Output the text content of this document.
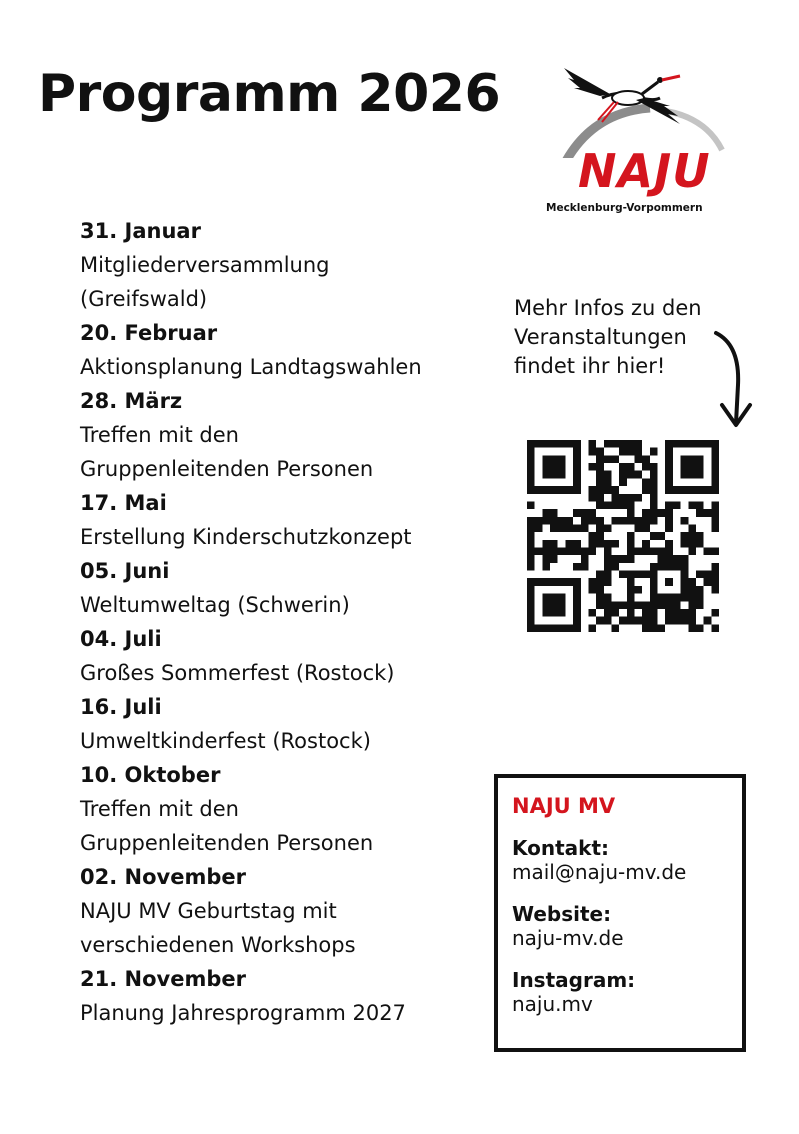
Programm 2026
NAJU
Mecklenburg-Vorpommern
31. Januar
Mitgliederversammlung
(Greifswald)
20. Februar
Aktionsplanung Landtagswahlen
28. März
Treffen mit den
Gruppenleitenden Personen
17. Mai
Erstellung Kinderschutzkonzept
05. Juni
Weltumweltag (Schwerin)
04. Juli
Großes Sommerfest (Rostock)
16. Juli
Umweltkinderfest (Rostock)
10. Oktober
Treffen mit den
Gruppenleitenden Personen
02. November
NAJU MV Geburtstag mit
verschiedenen Workshops
21. November
Planung Jahresprogramm 2027
Mehr Infos zu den
Veranstaltungen
findet ihr hier!
NAJU MV
Kontakt:
mail@naju-mv.de
Website:
naju-mv.de
Instagram:
naju.mv
